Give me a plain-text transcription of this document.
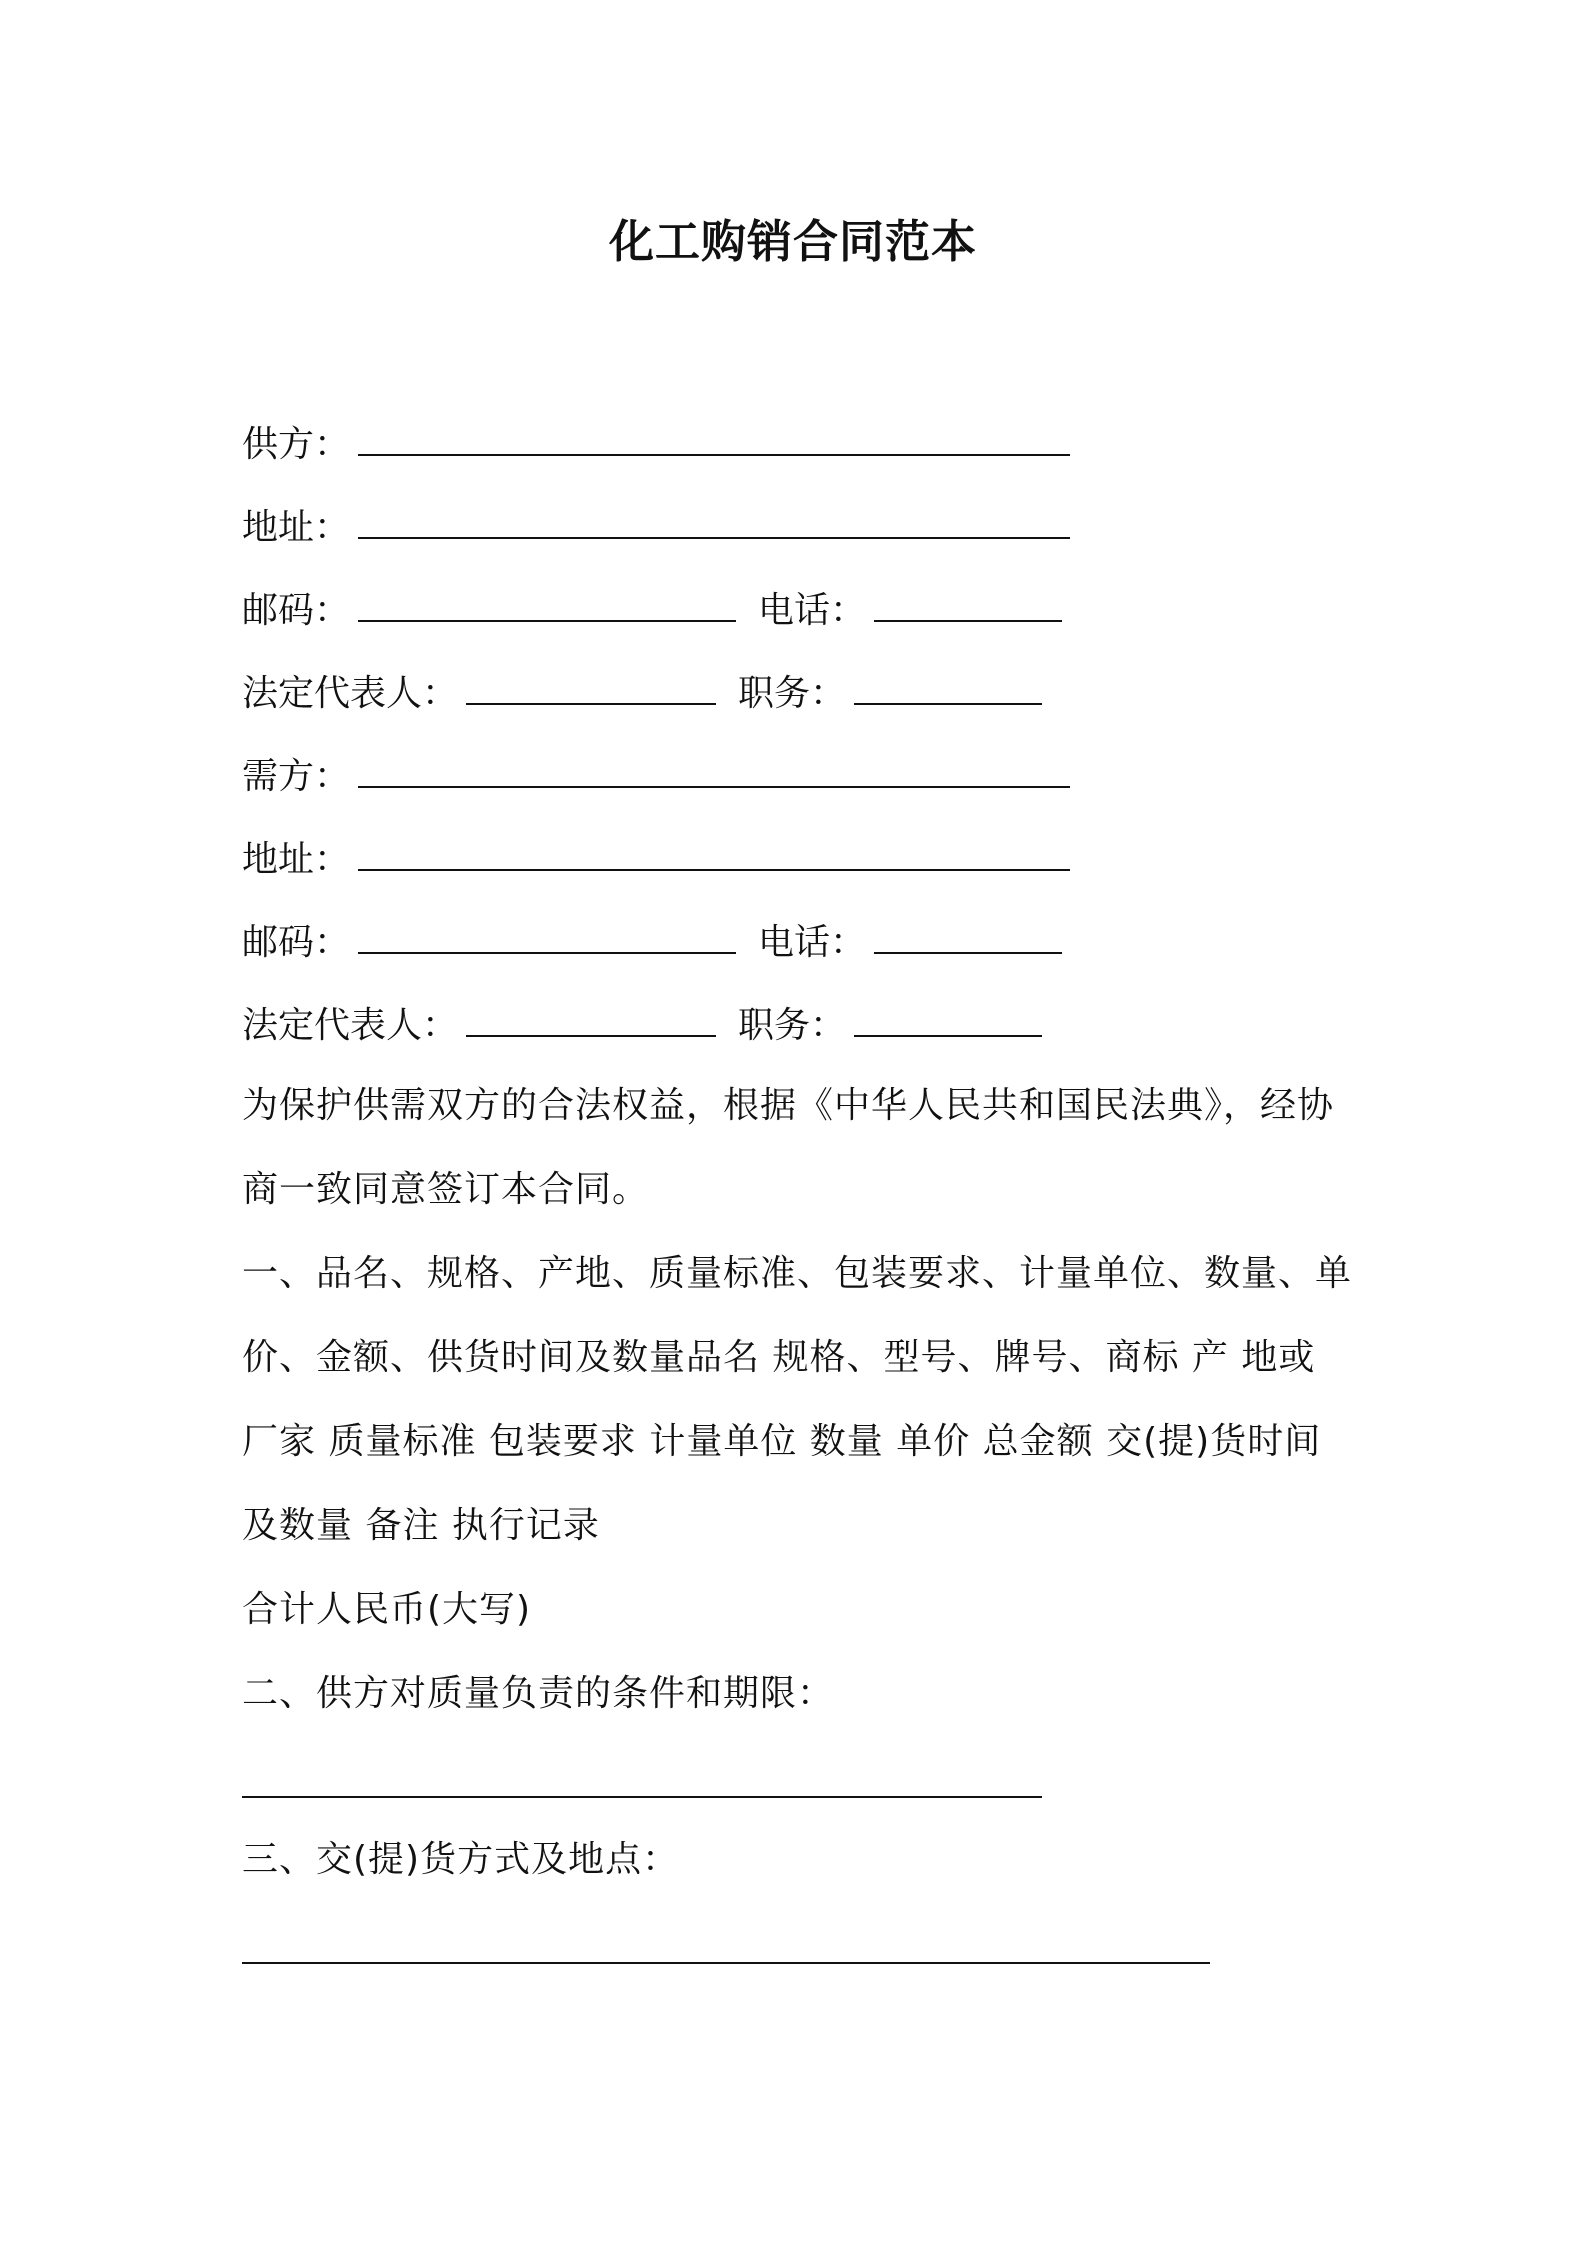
化工购销合同范本
供方：
地址：
邮码：	电话：
法定代表人：	职务：
需方：
地址：
邮码：	电话：
法定代表人：	职务：
为保护供需双方的合法权益，根据《中华人民共和国民法典》，经协商一致同意签订本合同。
一、品名、规格、产地、质量标准、包装要求、计量单位、数量、单价、金额、供货时间及数量品名 规格、型号、牌号、商标 产 地或厂家 质量标准 包装要求 计量单位 数量 单价 总金额 交(提)货时间及数量 备注 执行记录
合计人民币(大写)
二、供方对质量负责的条件和期限：
三、交(提)货方式及地点：
